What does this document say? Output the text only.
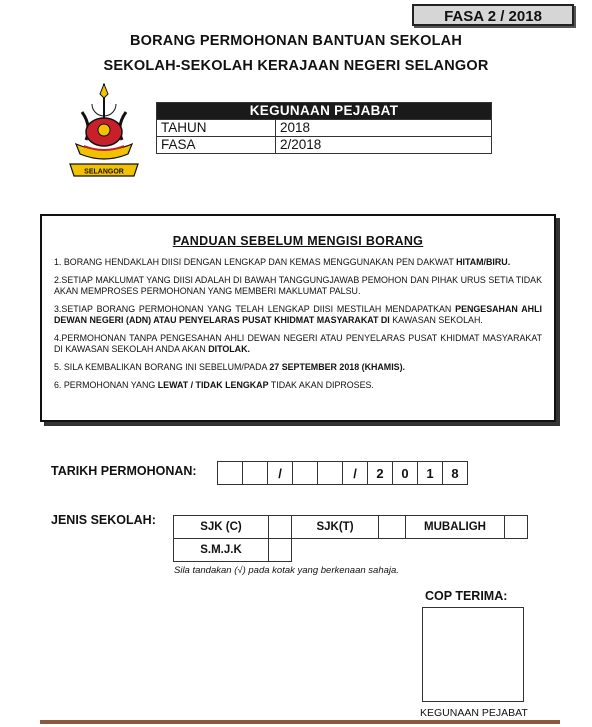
FASA 2 / 2018
BORANG PERMOHONAN BANTUAN SEKOLAH
SEKOLAH-SEKOLAH KERAJAAN NEGERI SELANGOR
SELANGOR
KEGUNAAN PEJABAT	
TAHUN	2018
FASA	2/2018
PANDUAN SEBELUM MENGISI BORANG

1. BORANG HENDAKLAH DIISI DENGAN LENGKAP DAN KEMAS MENGGUNAKAN PEN DAKWAT HITAM/BIRU.

2.SETIAP MAKLUMAT YANG DIISI ADALAH DI BAWAH TANGGUNGJAWAB PEMOHON DAN PIHAK URUS SETIA TIDAK AKAN MEMPROSES PERMOHONAN YANG MEMBERI MAKLUMAT PALSU.

3.SETIAP BORANG PERMOHONAN YANG TELAH LENGKAP DIISI MESTILAH MENDAPATKAN PENGESAHAN AHLI DEWAN NEGERI (ADN) ATAU PENYELARAS PUSAT KHIDMAT MASYARAKAT DI KAWASAN SEKOLAH.

4.PERMOHONAN TANPA PENGESAHAN AHLI DEWAN NEGERI ATAU PENYELARAS PUSAT KHIDMAT MASYARAKAT DI KAWASAN SEKOLAH ANDA AKAN DITOLAK.

5. SILA KEMBALIKAN BORANG INI SEBELUM/PADA 27 SEPTEMBER 2018 (KHAMIS).

6. PERMOHONAN YANG LEWAT / TIDAK LENGKAP TIDAK AKAN DIPROSES.

TARIKH PERMOHONAN:	/	/	2	0	1	8
JENIS SEKOLAH:	SJK (C)		SJK(T)		MUBALIGH	
S.M.J.K					
Sila tandakan (√) pada kotak yang berkenaan sahaja.
COP TERIMA:
KEGUNAAN PEJABAT
